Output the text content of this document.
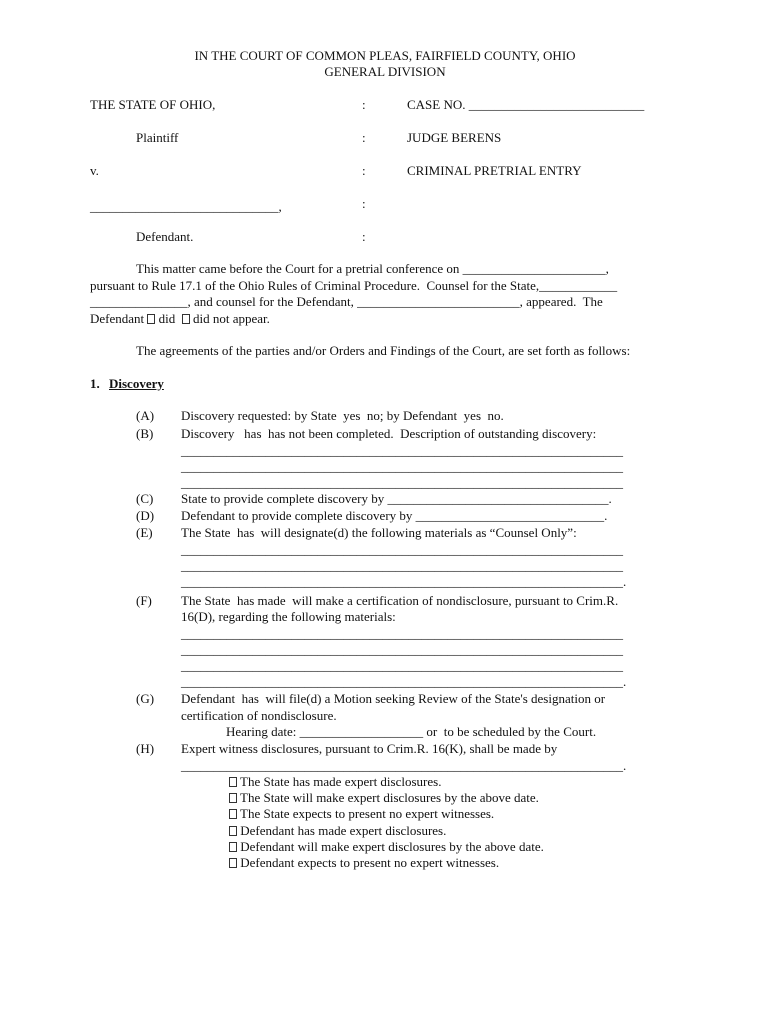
IN THE COURT OF COMMON PLEAS, FAIRFIELD COUNTY, OHIO
GENERAL DIVISION
THE STATE OF OHIO,	:	CASE NO. ___________________________
Plaintiff	:	JUDGE BERENS
v.	:	CRIMINAL PRETRIAL ENTRY
_____________________________,	:
Defendant.	:
This matter came before the Court for a pretrial conference on ______________________,
pursuant to Rule 17.1 of the Ohio Rules of Criminal Procedure.  Counsel for the State,____________
_______________, and counsel for the Defendant, _________________________, appeared.  The
Defendant  did   did not appear.
The agreements of the parties and/or Orders and Findings of the Court, are set forth as follows:
1. Discovery
(A) Discovery requested: by State  yes  no; by Defendant  yes  no.
(B) Discovery   has  has not been completed.  Description of outstanding discovery:
____________________________________________________________________
____________________________________________________________________
____________________________________________________________________
(C) State to provide complete discovery by __________________________________.
(D) Defendant to provide complete discovery by _____________________________.
(E) The State  has  will designate(d) the following materials as “Counsel Only”:
____________________________________________________________________
____________________________________________________________________
____________________________________________________________________.
(F) The State  has made  will make a certification of nondisclosure, pursuant to Crim.R.
16(D), regarding the following materials:
____________________________________________________________________
____________________________________________________________________
____________________________________________________________________
____________________________________________________________________.
(G) Defendant  has  will file(d) a Motion seeking Review of the State's designation or
certification of nondisclosure.
Hearing date: ___________________ or  to be scheduled by the Court.
(H) Expert witness disclosures, pursuant to Crim.R. 16(K), shall be made by
____________________________________________________________________.
The State has made expert disclosures.
The State will make expert disclosures by the above date.
The State expects to present no expert witnesses.
Defendant has made expert disclosures.
Defendant will make expert disclosures by the above date.
Defendant expects to present no expert witnesses.
